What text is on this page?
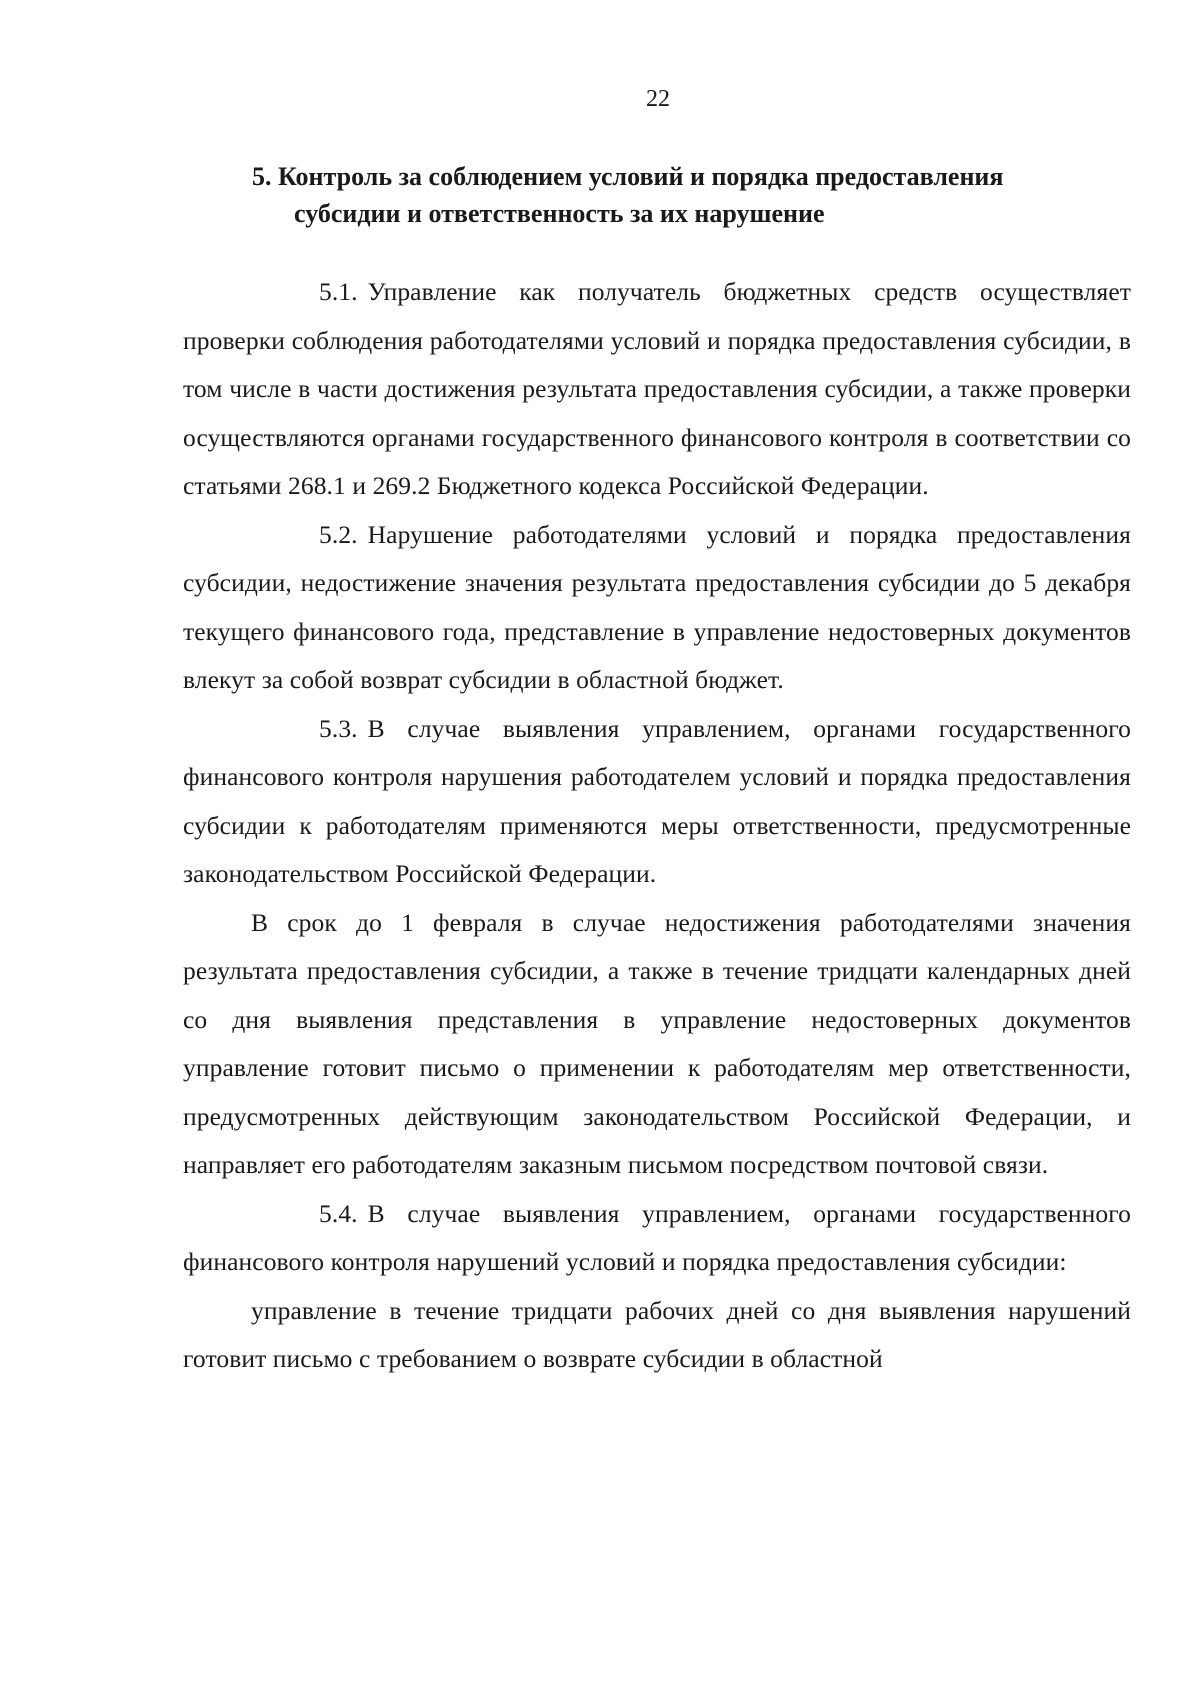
22
5. Контроль за соблюдением условий и порядка предоставления
субсидии и ответственность за их нарушение

5.1. Управление как получатель бюджетных средств осуществляет проверки соблюдения работодателями условий и порядка предоставления субсидии, в том числе в части достижения результата предоставления субсидии, а также проверки осуществляются органами государственного финансового контроля в соответствии со статьями 268.1 и 269.2 Бюджетного кодекса Российской Федерации.

5.2. Нарушение работодателями условий и порядка предоставления субсидии, недостижение значения результата предоставления субсидии до 5 декабря текущего финансового года, представление в управление недостоверных документов влекут за собой возврат субсидии в областной бюджет.

5.3. В случае выявления управлением, органами государственного финансового контроля нарушения работодателем условий и порядка предоставления субсидии к работодателям применяются меры ответственности, предусмотренные законодательством Российской Федерации.

В срок до 1 февраля в случае недостижения работодателями значения результата предоставления субсидии, а также в течение тридцати календарных дней со дня выявления представления в управление недостоверных документов управление готовит письмо о применении к работодателям мер ответственности, предусмотренных действующим законодательством Российской Федерации, и направляет его работодателям заказным письмом посредством почтовой связи.

5.4. В случае выявления управлением, органами государственного финансового контроля нарушений условий и порядка предоставления субсидии:

управление в течение тридцати рабочих дней со дня выявления нарушений готовит письмо с требованием о возврате субсидии в областной
